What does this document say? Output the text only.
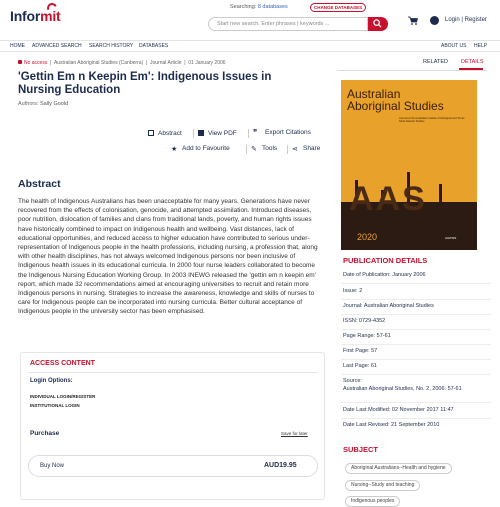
Informit
Searching: 8 databases	CHANGE DATABASES
Start new search. Enter phrases | keywords ...
Login | Register
HOME ADVANCED SEARCH SEARCH HISTORY DATABASES	ABOUT US HELP
No access  |  Australian Aboriginal Studies (Canberra)  |  Journal Article  |  01 January 2006
'Gettin Em n Keepin Em': Indigenous Issues in Nursing Education
Authors: Sally Goold
Abstract	View PDF ❞ Export Citations
★ Add to Favourite	✎ Tools ⋖ Share
Abstract
The health of Indigenous Australians has been unacceptable for many years. Generations have never recovered from the effects of colonisation, genocide, and attempted assimilation. Introduced diseases, poor nutrition, dislocation of families and clans from traditional lands, poverty, and human rights issues have historically combined to impact on Indigenous health and wellbeing. Vast distances, lack of educational opportunities, and reduced access to higher education have contributed to serious under-representation of Indigenous people in the health professions, including nursing, a profession that, along with other health disciplines, has not always welcomed Indigenous persons nor been inclusive of Indigenous health issues in its educational curricula. In 2000 four nurse leaders collaborated to become the Indigenous Nursing Education Working Group. In 2003 INEWG released the 'gettin em n keepin em' report, which made 32 recommendations aimed at encouraging universities to recruit and retain more Indigenous persons in nursing. Strategies to increase the awareness, knowledge and skills of nurses to care for Indigenous people can be incorporated into nursing curricula. Better cultural acceptance of Indigenous people in the university sector has been emphasised.
ACCESS CONTENT
Login Options:
INDIVIDUAL LOGIN/REGISTER
INSTITUTIONAL LOGIN
Purchase	Save for later
Buy Now	AUD19.95
RELATED DETAILS
Australian
Aboriginal Studies
Journal of the Australian Institute of Aboriginal and Torres Strait Islander Studies
AAS
2020	AIATSIS
PUBLICATION DETAILS
Date of Publication: January 2006
Issue: 2
Journal: Australian Aboriginal Studies
ISSN: 0729-4352
Page Range: 57-61
First Page: 57
Last Page: 61
Source:
Australian Aboriginal Studies, No. 2, 2006: 57-61
Date Last Modified: 02 November 2017 11:47
Date Last Revised: 21 September 2010
SUBJECT
Aboriginal Australians--Health and hygiene
Nursing--Study and teaching
Indigenous peoples
